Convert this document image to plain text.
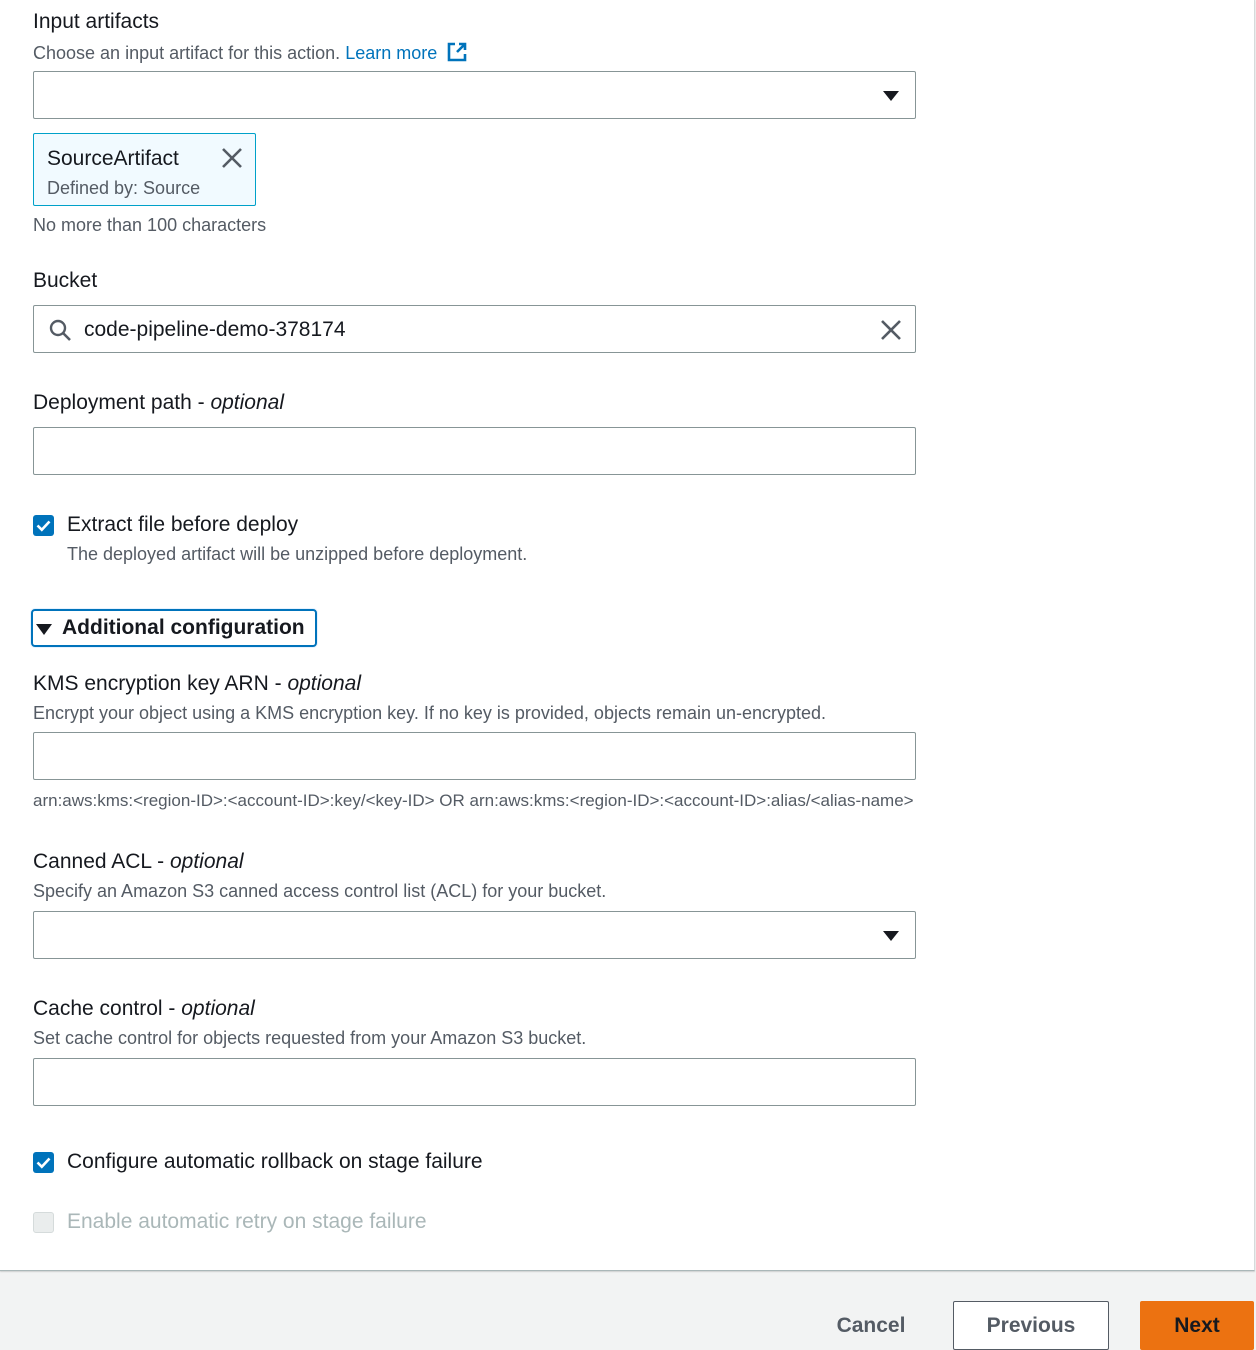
Input artifacts
Choose an input artifact for this action. Learn more
SourceArtifact
Defined by: Source
No more than 100 characters
Bucket
code-pipeline-demo-378174
Deployment path - optional
Extract file before deploy
The deployed artifact will be unzipped before deployment.
Additional configuration
KMS encryption key ARN - optional
Encrypt your object using a KMS encryption key. If no key is provided, objects remain un-encrypted.
arn:aws:kms:<region-ID>:<account-ID>:key/<key-ID> OR arn:aws:kms:<region-ID>:<account-ID>:alias/<alias-name>
Canned ACL - optional
Specify an Amazon S3 canned access control list (ACL) for your bucket.
Cache control - optional
Set cache control for objects requested from your Amazon S3 bucket.
Configure automatic rollback on stage failure
Enable automatic retry on stage failure
Cancel	Previous	Next
